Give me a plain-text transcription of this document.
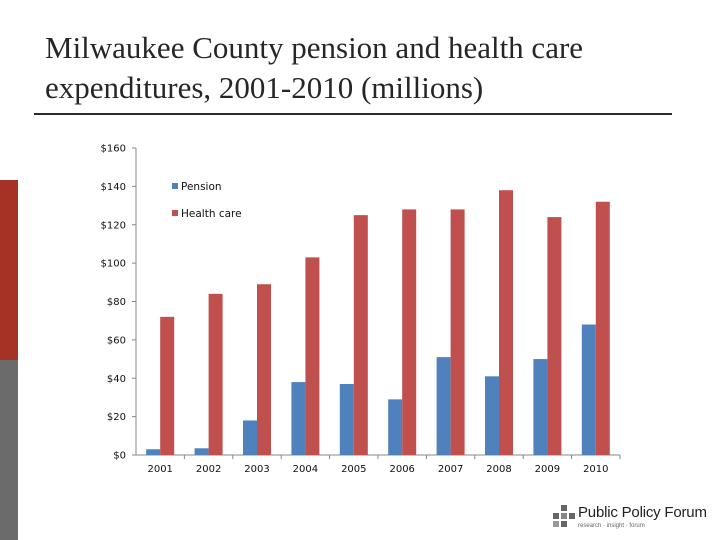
Milwaukee County pension and health care expenditures, 2001-2010 (millions)
$0
$20
$40
$60
$80
$100
$120
$140
$160
2001 2002 2003 2004 2005 2006 2007 2008 2009 2010
Pension
Health care
Public Policy Forum
research · insight · forum
